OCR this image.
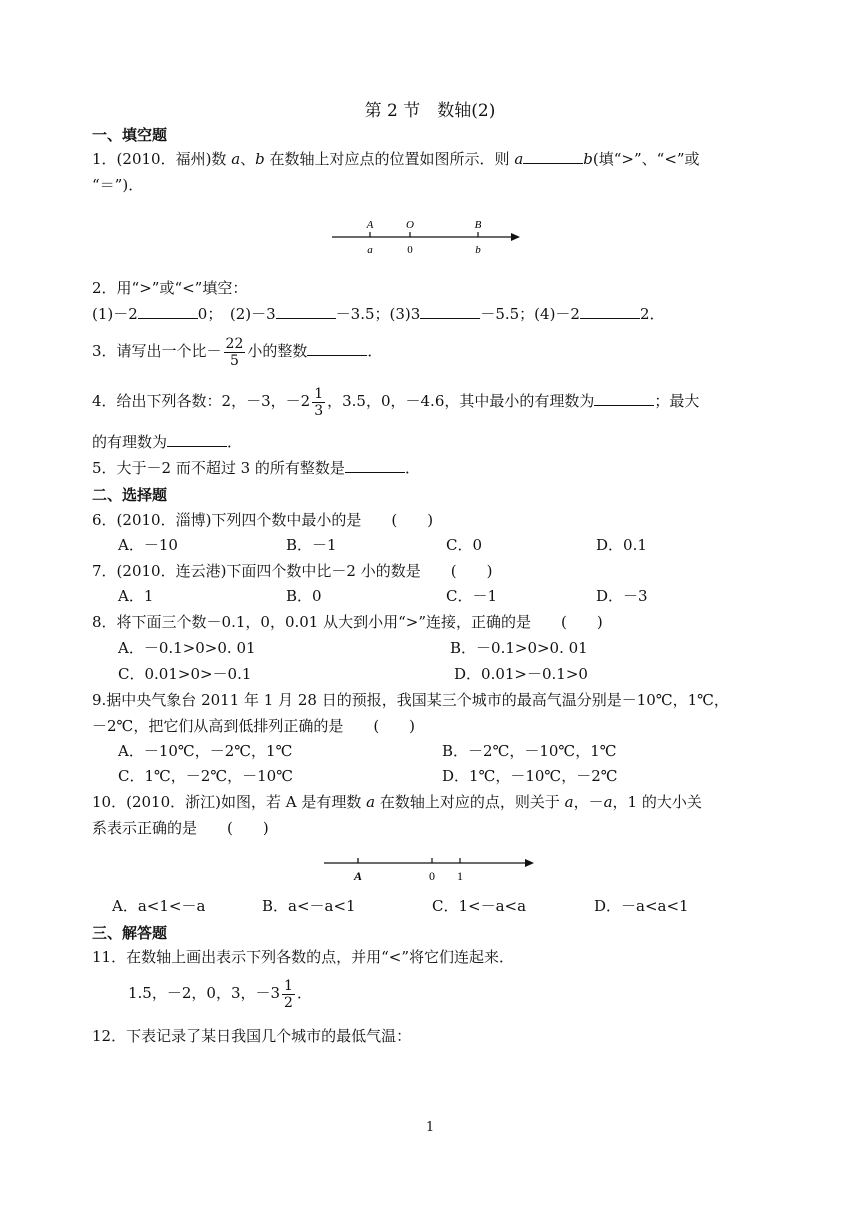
第 2 节　数轴(2)
一、填空题
1．(2010．福州)数 a、b 在数轴上对应点的位置如图所示．则 a	b(填“>”、“<”或
“＝”)．
A	O	B
a	0	b
2．用“>”或“<”填空：
(1)－2	0；　 (2)－3	－3.5；(3)3	－5.5；(4)－2	2．
3．请写出一个比－ $\frac{22}{5}$ 小的整数	．
4．给出下列各数：2，－3，$-2 \frac{1}{3}$ ，3.5，0，－4.6，其中最小的有理数为	；最大
的有理数为	．
5．大于－2 而不超过 3 的所有整数是	．
二、选择题
6．(2010．淄博)下列四个数中最小的是　　(　　)
A．－10	B．－1	C．0	D．0.1
7．(2010．连云港)下面四个数中比－2 小的数是　　(　　)
A．1	B．0	C．－1	D．－3
8．将下面三个数－0.1，0，0.01 从大到小用“>”连接，正确的是　　(　　)
A．－0.1>0>0. 01	B．－0.1>0>0. 01
C．0.01>0>－0.1	D．0.01>－0.1>0
9.据中央气象台 2011 年 1 月 28 日的预报，我国某三个城市的最高气温分别是－10℃，1℃，
－2℃，把它们从高到低排列正确的是　　(　　)
A．－10℃，－2℃，1℃	B．－2℃，－10℃，1℃
C．1℃，－2℃，－10℃	D．1℃，－10℃，－2℃
10．(2010．浙江)如图，若 A 是有理数 a 在数轴上对应的点，则关于 a，－a，1 的大小关
系表示正确的是　　(　　)
A	0 1
A．a<1<－a	B．a<－a<1	C．1<－a<a	D．－a<a<1
三、解答题
11．在数轴上画出表示下列各数的点，并用“<”将它们连起来．
1.5，－2，0，3，$-3 \frac{1}{2}$ ．
12．下表记录了某日我国几个城市的最低气温：
1
